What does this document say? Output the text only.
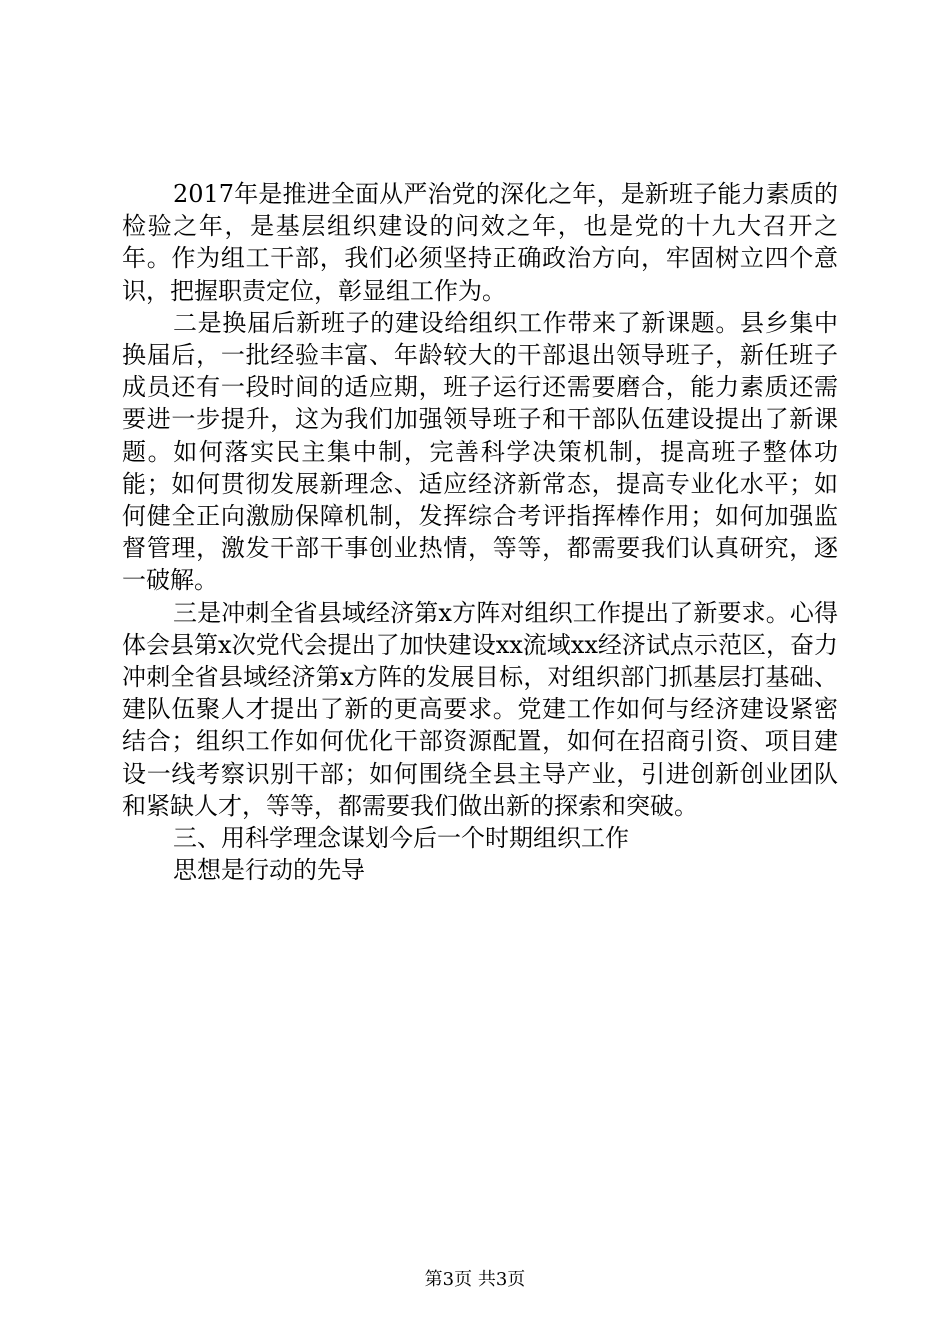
2017年是推进全面从严治党的深化之年，是新班子能力素质的检验之年，是基层组织建设的问效之年，也是党的十九大召开之年。作为组工干部，我们必须坚持正确政治方向，牢固树立四个意识，把握职责定位，彰显组工作为。

二是换届后新班子的建设给组织工作带来了新课题。县乡集中换届后，一批经验丰富、年龄较大的干部退出领导班子，新任班子成员还有一段时间的适应期，班子运行还需要磨合，能力素质还需要进一步提升，这为我们加强领导班子和干部队伍建设提出了新课题。如何落实民主集中制，完善科学决策机制，提高班子整体功能；如何贯彻发展新理念、适应经济新常态，提高专业化水平；如何健全正向激励保障机制，发挥综合考评指挥棒作用；如何加强监督管理，激发干部干事创业热情，等等，都需要我们认真研究，逐一破解。

三是冲刺全省县域经济第x方阵对组织工作提出了新要求。心得体会县第x次党代会提出了加快建设xx流域xx经济试点示范区，奋力冲刺全省县域经济第x方阵的发展目标，对组织部门抓基层打基础、建队伍聚人才提出了新的更高要求。党建工作如何与经济建设紧密结合；组织工作如何优化干部资源配置，如何在招商引资、项目建设一线考察识别干部；如何围绕全县主导产业，引进创新创业团队和紧缺人才，等等，都需要我们做出新的探索和突破。

三、用科学理念谋划今后一个时期组织工作

思想是行动的先导

第3页 共3页
